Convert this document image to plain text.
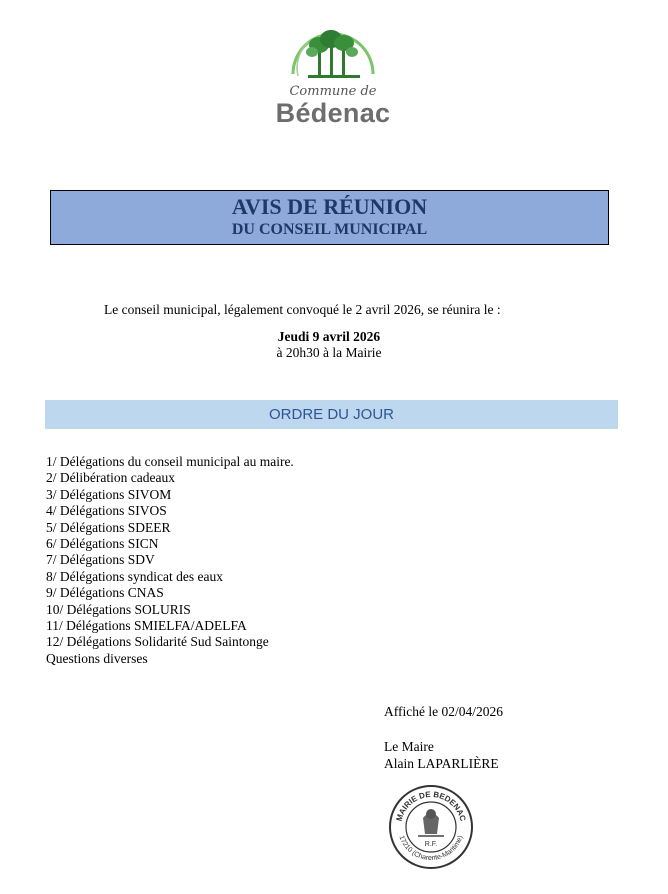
Commune de
Bédenac
AVIS DE RÉUNION
DU CONSEIL MUNICIPAL
Le conseil municipal, légalement convoqué le 2 avril 2026, se réunira le :
Jeudi 9 avril 2026
à 20h30 à la Mairie
ORDRE DU JOUR
1/ Délégations du conseil municipal au maire.
2/ Délibération cadeaux
3/ Délégations SIVOM
4/ Délégations SIVOS
5/ Délégations SDEER
6/ Délégations SICN
7/ Délégations SDV
8/ Délégations syndicat des eaux
9/ Délégations CNAS
10/ Délégations SOLURIS
11/ Délégations SMIELFA/ADELFA
12/ Délégations Solidarité Sud Saintonge
Questions diverses
Affiché le 02/04/2026
Le Maire
Alain LAPARLIÈRE
MAIRIE DE BEDENAC
17210 (Charente-Maritime)
R.F.
